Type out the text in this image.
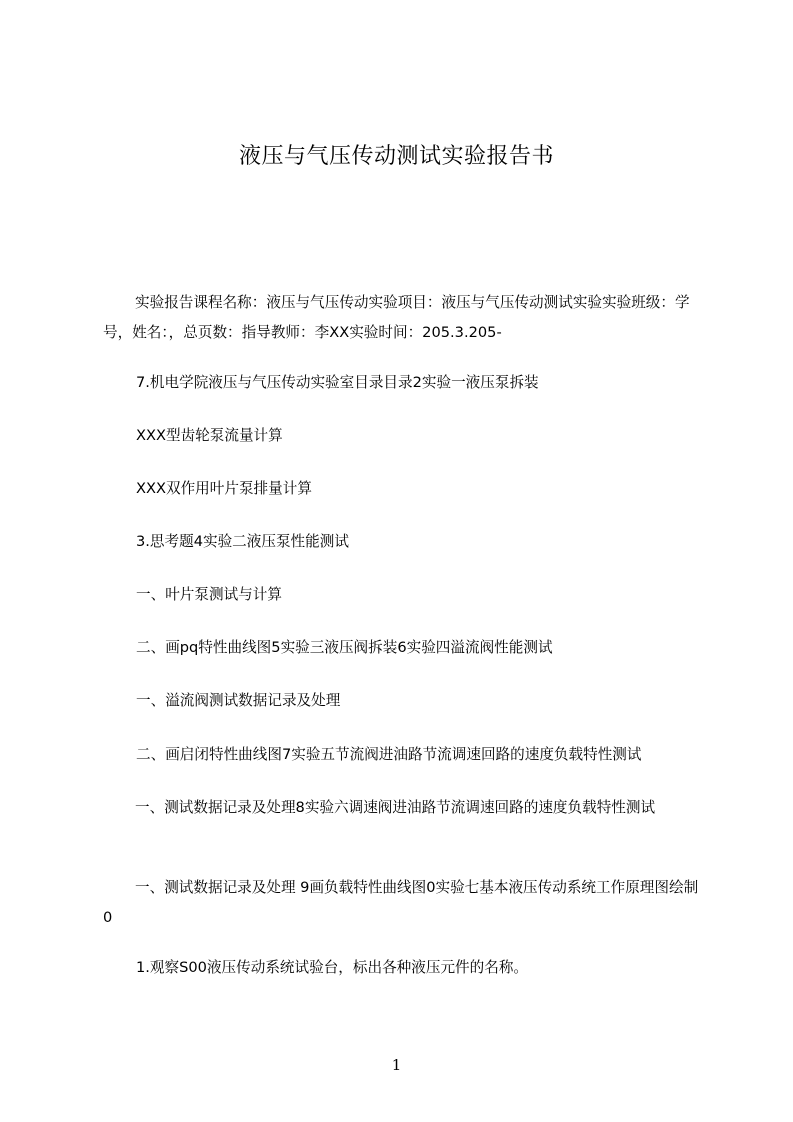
液压与气压传动测试实验报告书

实验报告课程名称：液压与气压传动实验项目：液压与气压传动测试实验实验班级：学号，姓名：，总页数：指导教师：李XX实验时间：205.3.205-

7.机电学院液压与气压传动实验室目录目录2实验一液压泵拆装

XXX型齿轮泵流量计算

XXX双作用叶片泵排量计算

3.思考题4实验二液压泵性能测试

一、叶片泵测试与计算

二、画pq特性曲线图5实验三液压阀拆装6实验四溢流阀性能测试

一、溢流阀测试数据记录及处理

二、画启闭特性曲线图7实验五节流阀进油路节流调速回路的速度负载特性测试

一、测试数据记录及处理8实验六调速阀进油路节流调速回路的速度负载特性测试

一、测试数据记录及处理 9画负载特性曲线图0实验七基本液压传动系统工作原理图绘制0

1.观察S00液压传动系统试验台，标出各种液压元件的名称。

1
